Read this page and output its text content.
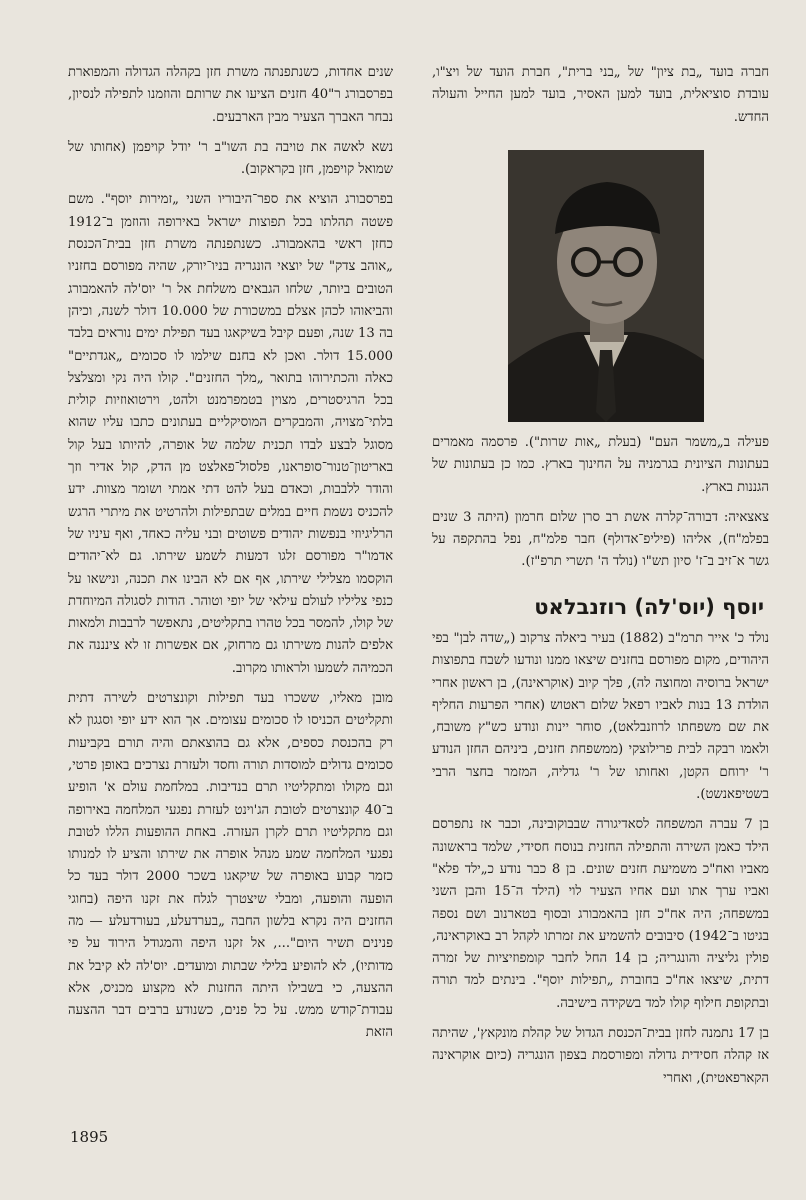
חברה בועד „בת ציון" של „בני ברית", חברת הועד של ויצ"ו, עובדת סוציאלית, בועד למען האסיר, בועד למען החייל והעולה החדש.

פעילה ב„משמר העם" (בעלת „אות שרות"). פרסמה מאמרים בעתונות הציונית בגרמניה על החינוך בארץ. כמו כן בעתונות של הגננות בארץ.

צאצאיה: דבורה־קלרה אשת רב סרן שלום חרמון (היתה 3 שנים בפלמ"ח), אליהו (פיליפ־אדולף) חבר פלמ"ח, נפל בהתקפה על גשר א־זיב ב־ז' סיון תש"ו (נולד ה' תשרי תרפ"ז).

יוסף (יוס'לה) רוזנבלאט

נולד כ' אייר תרמ"ב (1882) בעיר ביאלה צרקוב („שדה לבן" בפי היהודים, מקום מפורסם בחזנים שיצאו ממנו ונודעו לשבח בתפוצות ישראל ברוסיה ומחוצה לה), פלך קיוב (אוקראינה), בן ראשון אחרי הולדת 13 בנות לאביו רפאל שלום ראטוש (אחרי הפרעות החליף את שם משפחתו לרוזנבלאט), סוחר יינות ונודע כש"ץ משובח, ולאמו רבקה לבית פרילוצקי (ממשפחת חזנים, ביניהם החזן הנודע ר' ירוחם הקטן, ואחותו של ר' גדליה, המזמר בחצר הרבי בשטיפאנשט).

בן 7 עברה המשפחה לסאדיגורה שבבוקובינה, וכבר אז נתפרסם הילד כאמן השירה והתפילה החזנית בנוסח חסידי, שלמד בראשונה מאביו ואח"כ משמיעת חזנים שונים. בן 8 כבר נודע כ„ילד פלא" ואביו ערך אתו ועם אחיו הצעיר לוי (הילד ה־15 והבן השני במשפחה; היה אח"כ חזן בהאמבורג ובסוף בטארנוב ושם נספה בגיטו ב־1942) סיבובים להשמיע את זמרתו לקהל רב באוקראינה, פולין גליציה והונגריה; בן 14 החל לחבר קומפוזיציות של זמרה דתית, שיצאו אח"כ בחוברת „תפילות יוסף". בינתים למד תורה ובתקופת חילוף קולו למד בשקידה בישיבה.

בן 17 נתמנה לחזן בבית־הכנסת הגדול של קהלת מונקאץ', שהיתה אז קהלה חסידית גדולה ומפורסמת בצפון הונגריה (כיום אוקראינה הקארפאטית), ואחרי

שנים אחדות, כשנתפנתה משרת חזן בקהלה הגדולה והמפוארת בפרסבורג ר"40 חזנים הציעו את שרותם והוזמנו לתפילה לנסיון, נבחר האברך הצעיר מבין הארבעים.

נשא לאשה את טויבה בת השו"ב ר' יודל קויפמן (אחותו של שמואל קויפמן, חזן בקראקוב).

בפרסבורג הוציא את ספר־היבוריו השני „זמירות יוסף". משם פשטה תהלתו בכל תפוצות ישראל באירופה והוזמן ב־1912 כחזן ראשי בהאמבורג. כשנתפנתה משרת חזן בבית־הכנסת „אוהב צדק" של יוצאי הונגריה בניו־יורק, שהיה מפורסם בחזניו הטובים ביותר, שלחו הגבאים משלחת אל ר' יוס'לה להאמבורג והביאוהו לכהן אצלם במשכורת של 10.000 דולר לשנה, וכיהן בה 13 שנה, ופעם קיבל בשיקאגו בעד תפילת ימים נוראים בלבד 15.000 דולר. ואכן לא בחנם שילמו לו סכומים „אגדתיים" כאלה והכתירוהו בתואר „מלך החזנים". קולו היה נקי ומצלצל בכל הרגיסטרים, מצוין בטמפרמנט ולהט, וירטואוזיות קולית בלתי־מצויה, והמבקרים המוסיקליים בעתונים כתבו עליו שהוא מסוגל לבצע לבדו תכנית שלמה של אופרה, להיותו בעל קול באריטון־טנור־סופראנו, פלסול־פאלצט מן הדק, קול אדיר וזך והודר ללבבות, וכאדם בעל להט דתי אמתי ושומר מצוות. ידע להכניס נשמת חיים במלים שבתפילות ולהרטיט את מיתרי הרגש הרליגיוזי בנפשות יהודים פשוטים ובני עליה כאחד, ואף עיניו של אדמו"ר מפורסם זלגו דמעות לשמע שירתו. גם לא־יהודים הוקסמו מצלילי שירתו, אף אם לא הבינו את תכנה, ונישאו על כנפי צליליו לעולם עילאי של יופי וטוהר. הודות לסגולה המיוחדת של קולו, להמסר בכל טהרו בתקליטים, נתאפשר לרבבות ולמאות אלפים להנות משירתו גם מרחוק, אם אפשרות זו לא צינננה את הכמיהה לשמעו ולראותו מקרוב.

מובן מאליו, ששכרו בעד תפילות וקונצרטים לשירה דתית ותקליטים הכניסו לו סכומים עצומים. אך הוא ידע יופי וסגגון לא רק בהכנסת כספים, אלא גם בהוצאתם והיה תורם בקביעות סכומים גדולים למוסדות תורה וחסד ולעזרת נצרכים באופן פרטי, וגם מקולו ומתקליטיו תרם בנדיבות. במלחמת עולם א' הופיע ב־40 קונצרטים לטובת הג'וינט לעזרת נפגעי המלחמה באירופה וגם מתקליטיו תרם לקרן העזרה. באחת ההופעות הללו לטובת נפגעי המלחמה שמע מנהל אופרה את שירתו והציע לו למנותו כזמר קבוע באופרה של שיקאגו בשכר 2000 דולר בעד כל הופעה והופעה, ומבלי שיצטרך לגלח את זקנו היפה (בחוגי החזנים היה נקרא בלשון החבה „בערדעלע, בעורדעלע — מה פנינים תשיר היום"..., אל זקנו היפה והמגודל הירוד על פי מדותיו), לא להופיע בלילי שבתות ומועדים. יוס'לה לא קיבל את ההצעה, כי בשבילו היתה החזנות לא מקצוע מכניס, אלא עבודת־קודש ממש. על כל פנים, כשנודע ברבים דבר ההצעה הזאת

1895
